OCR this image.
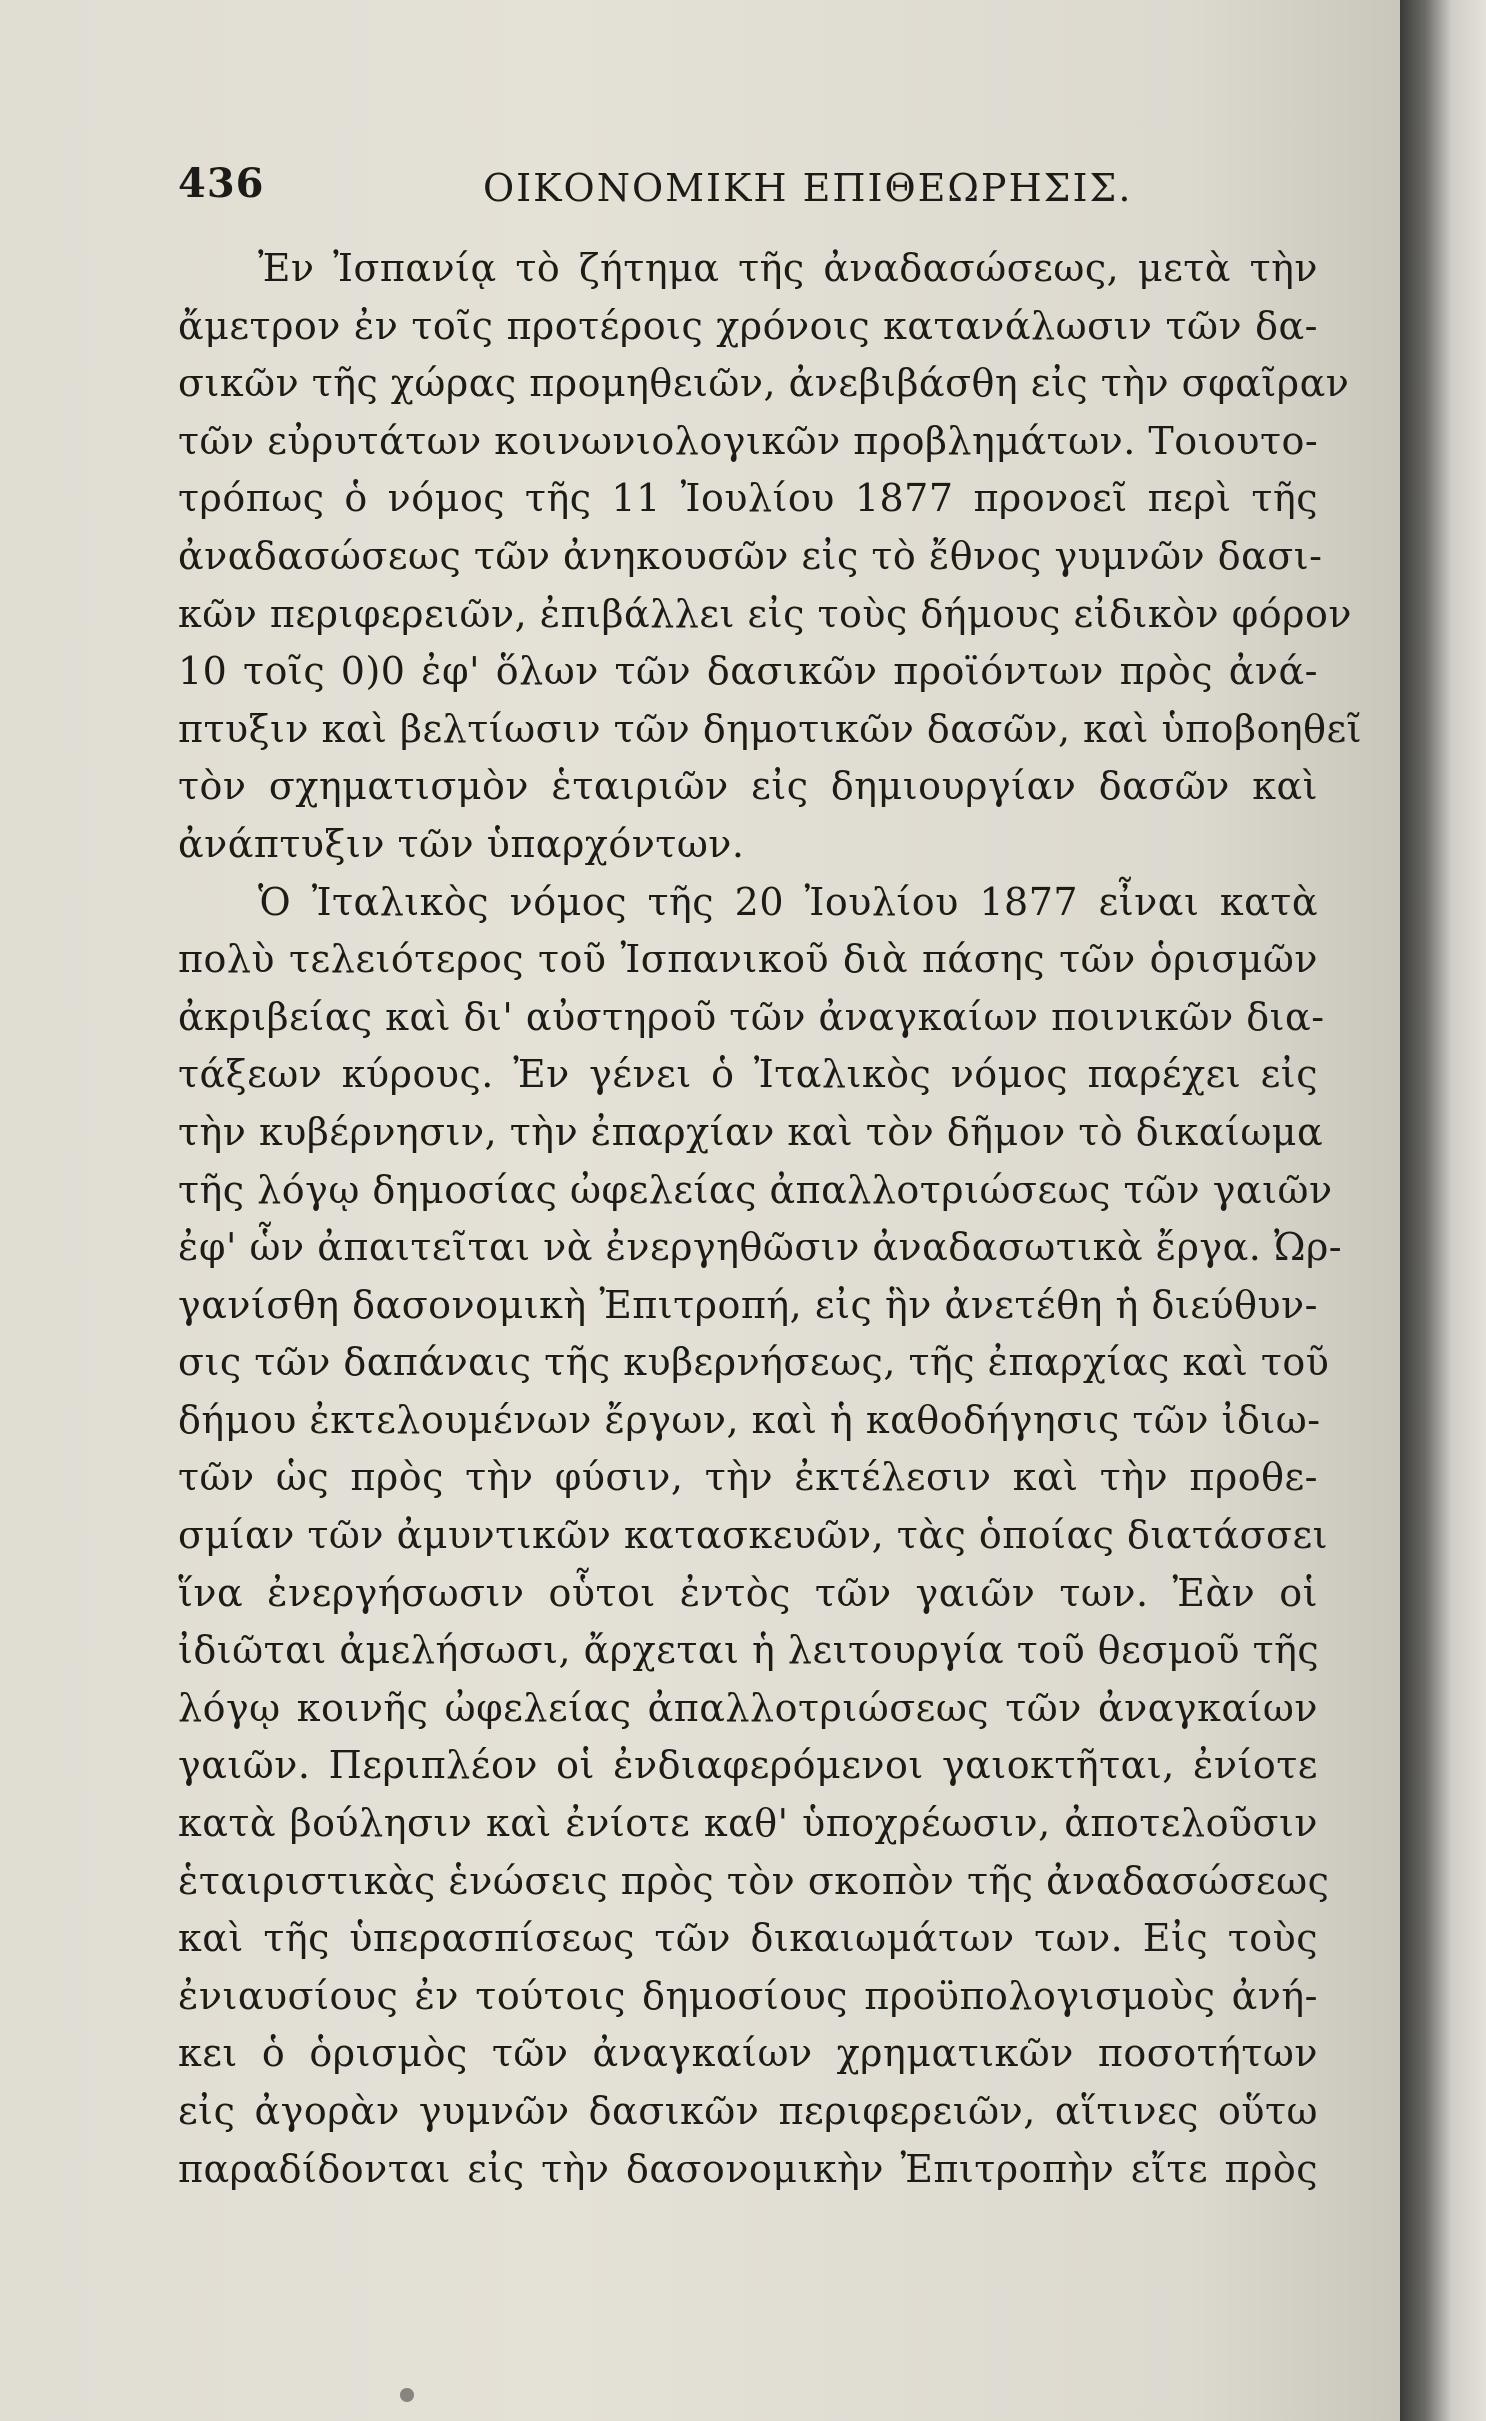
436	ΟΙΚΟΝΟΜΙΚΗ ΕΠΙΘΕΩΡΗΣΙΣ.
Ἐν Ἰσπανίᾳ τὸ ζήτημα τῆς ἀναδασώσεως, μετὰ τὴν
ἄμετρον ἐν τοῖς προτέροις χρόνοις κατανάλωσιν τῶν δα-
σικῶν τῆς χώρας προμηθειῶν, ἀνεβιβάσθη εἰς τὴν σφαῖραν
τῶν εὐρυτάτων κοινωνιολογικῶν προβλημάτων. Τοιουτο-
τρόπως ὁ νόμος τῆς 11 Ἰουλίου 1877 προνοεῖ περὶ τῆς
ἀναδασώσεως τῶν ἀνηκουσῶν εἰς τὸ ἔθνος γυμνῶν δασι-
κῶν περιφερειῶν, ἐπιβάλλει εἰς τοὺς δήμους εἰδικὸν φόρον
10 τοῖς 0)0 ἐφ' ὅλων τῶν δασικῶν προϊόντων πρὸς ἀνά-
πτυξιν καὶ βελτίωσιν τῶν δημοτικῶν δασῶν, καὶ ὑποβοηθεῖ
τὸν σχηματισμὸν ἑταιριῶν εἰς δημιουργίαν δασῶν καὶ
ἀνάπτυξιν τῶν ὑπαρχόντων.
Ὁ Ἰταλικὸς νόμος τῆς 20 Ἰουλίου 1877 εἶναι κατὰ
πολὺ τελειότερος τοῦ Ἰσπανικοῦ διὰ πάσης τῶν ὁρισμῶν
ἀκριβείας καὶ δι' αὐστηροῦ τῶν ἀναγκαίων ποινικῶν δια-
τάξεων κύρους. Ἐν γένει ὁ Ἰταλικὸς νόμος παρέχει εἰς
τὴν κυβέρνησιν, τὴν ἐπαρχίαν καὶ τὸν δῆμον τὸ δικαίωμα
τῆς λόγῳ δημοσίας ὠφελείας ἀπαλλοτριώσεως τῶν γαιῶν
ἐφ' ὧν ἀπαιτεῖται νὰ ἐνεργηθῶσιν ἀναδασωτικὰ ἔργα. Ὠρ-
γανίσθη δασονομικὴ Ἐπιτροπή, εἰς ἣν ἀνετέθη ἡ διεύθυν-
σις τῶν δαπάναις τῆς κυβερνήσεως, τῆς ἐπαρχίας καὶ τοῦ
δήμου ἐκτελουμένων ἔργων, καὶ ἡ καθοδήγησις τῶν ἰδιω-
τῶν ὡς πρὸς τὴν φύσιν, τὴν ἐκτέλεσιν καὶ τὴν προθε-
σμίαν τῶν ἀμυντικῶν κατασκευῶν, τὰς ὁποίας διατάσσει
ἵνα ἐνεργήσωσιν οὗτοι ἐντὸς τῶν γαιῶν των. Ἐὰν οἱ
ἰδιῶται ἀμελήσωσι, ἄρχεται ἡ λειτουργία τοῦ θεσμοῦ τῆς
λόγῳ κοινῆς ὠφελείας ἀπαλλοτριώσεως τῶν ἀναγκαίων
γαιῶν. Περιπλέον οἱ ἐνδιαφερόμενοι γαιοκτῆται, ἐνίοτε
κατὰ βούλησιν καὶ ἐνίοτε καθ' ὑποχρέωσιν, ἀποτελοῦσιν
ἑταιριστικὰς ἑνώσεις πρὸς τὸν σκοπὸν τῆς ἀναδασώσεως
καὶ τῆς ὑπερασπίσεως τῶν δικαιωμάτων των. Εἰς τοὺς
ἐνιαυσίους ἐν τούτοις δημοσίους προϋπολογισμοὺς ἀνή-
κει ὁ ὁρισμὸς τῶν ἀναγκαίων χρηματικῶν ποσοτήτων
εἰς ἀγορὰν γυμνῶν δασικῶν περιφερειῶν, αἵτινες οὕτω
παραδίδονται εἰς τὴν δασονομικὴν Ἐπιτροπὴν εἴτε πρὸς
